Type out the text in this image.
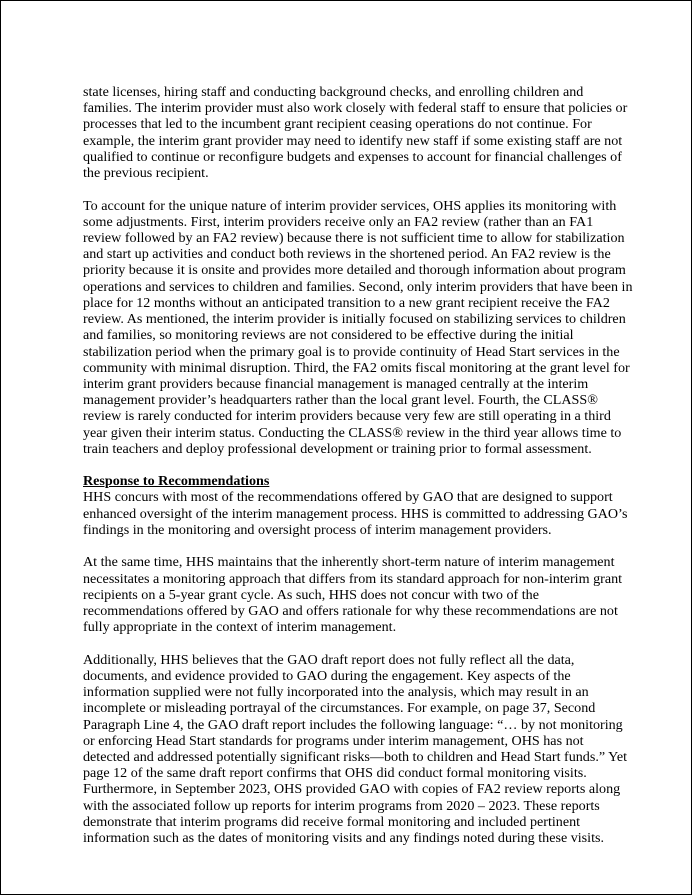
state licenses, hiring staff and conducting background checks, and enrolling children and
families. The interim provider must also work closely with federal staff to ensure that policies or
processes that led to the incumbent grant recipient ceasing operations do not continue. For
example, the interim grant provider may need to identify new staff if some existing staff are not
qualified to continue or reconfigure budgets and expenses to account for financial challenges of
the previous recipient.
To account for the unique nature of interim provider services, OHS applies its monitoring with
some adjustments. First, interim providers receive only an FA2 review (rather than an FA1
review followed by an FA2 review) because there is not sufficient time to allow for stabilization
and start up activities and conduct both reviews in the shortened period. An FA2 review is the
priority because it is onsite and provides more detailed and thorough information about program
operations and services to children and families. Second, only interim providers that have been in
place for 12 months without an anticipated transition to a new grant recipient receive the FA2
review. As mentioned, the interim provider is initially focused on stabilizing services to children
and families, so monitoring reviews are not considered to be effective during the initial
stabilization period when the primary goal is to provide continuity of Head Start services in the
community with minimal disruption. Third, the FA2 omits fiscal monitoring at the grant level for
interim grant providers because financial management is managed centrally at the interim
management provider’s headquarters rather than the local grant level. Fourth, the CLASS®
review is rarely conducted for interim providers because very few are still operating in a third
year given their interim status. Conducting the CLASS® review in the third year allows time to
train teachers and deploy professional development or training prior to formal assessment.
Response to Recommendations
HHS concurs with most of the recommendations offered by GAO that are designed to support
enhanced oversight of the interim management process. HHS is committed to addressing GAO’s
findings in the monitoring and oversight process of interim management providers.
At the same time, HHS maintains that the inherently short-term nature of interim management
necessitates a monitoring approach that differs from its standard approach for non-interim grant
recipients on a 5-year grant cycle. As such, HHS does not concur with two of the
recommendations offered by GAO and offers rationale for why these recommendations are not
fully appropriate in the context of interim management.
Additionally, HHS believes that the GAO draft report does not fully reflect all the data,
documents, and evidence provided to GAO during the engagement. Key aspects of the
information supplied were not fully incorporated into the analysis, which may result in an
incomplete or misleading portrayal of the circumstances. For example, on page 37, Second
Paragraph Line 4, the GAO draft report includes the following language: “… by not monitoring
or enforcing Head Start standards for programs under interim management, OHS has not
detected and addressed potentially significant risks—both to children and Head Start funds.” Yet
page 12 of the same draft report confirms that OHS did conduct formal monitoring visits.
Furthermore, in September 2023, OHS provided GAO with copies of FA2 review reports along
with the associated follow up reports for interim programs from 2020 – 2023. These reports
demonstrate that interim programs did receive formal monitoring and included pertinent
information such as the dates of monitoring visits and any findings noted during these visits.
